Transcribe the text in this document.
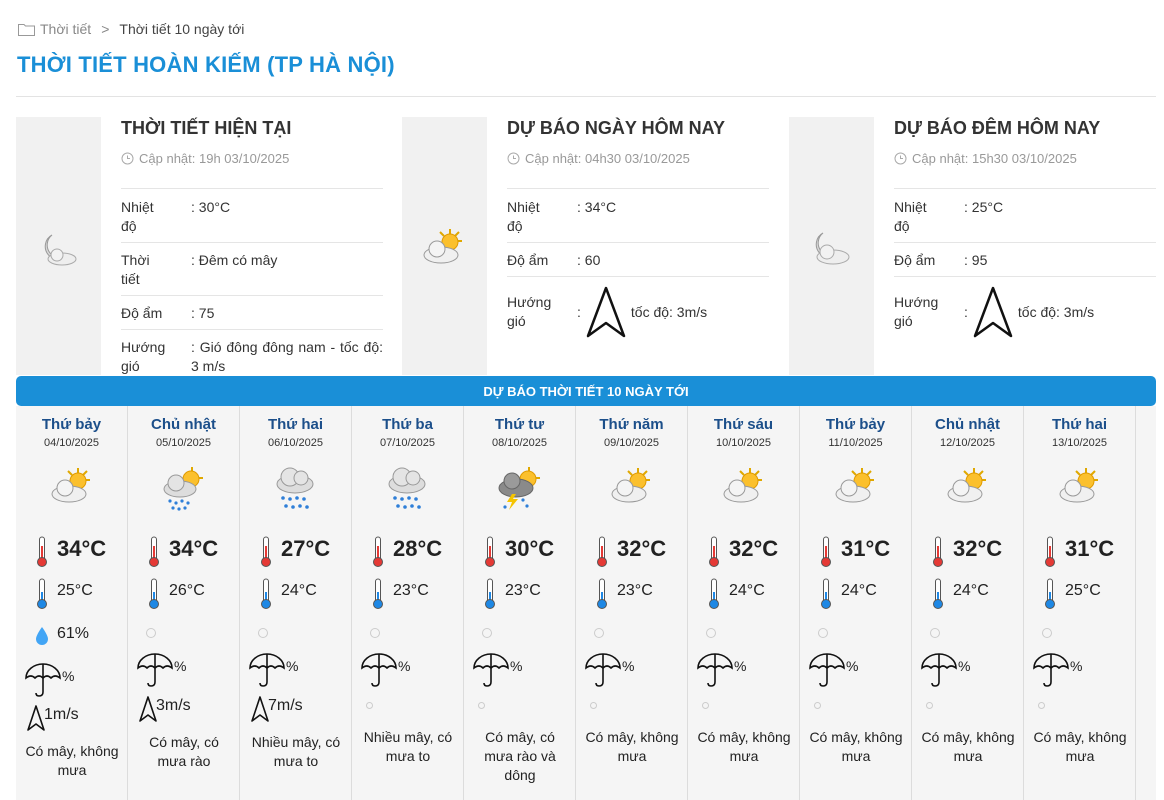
Thời tiết > Thời tiết 10 ngày tới
THỜI TIẾT HOÀN KIẾM (TP HÀ NỘI)
THỜI TIẾT HIỆN TẠI
Cập nhật: 19h 03/10/2025
Nhiệt độ
: 30°C
Thời tiết
: Đêm có mây
Độ ẩm	: 75
Hướng gió
: Gió đông đông nam - tốc độ: 3 m/s
DỰ BÁO NGÀY HÔM NAY
Cập nhật: 04h30 03/10/2025
Nhiệt độ
: 34°C
Độ ẩm	: 60
Hướng gió
:	tốc độ: 3m/s
DỰ BÁO ĐÊM HÔM NAY
Cập nhật: 15h30 03/10/2025
Nhiệt độ
: 25°C
Độ ẩm	: 95
Hướng gió
:	tốc độ: 3m/s
DỰ BÁO THỜI TIẾT 10 NGÀY TỚI
Thứ bảy
04/10/2025
34°C
25°C
61%
%
1m/s
Có mây, không mưa
Chủ nhật
05/10/2025
34°C
26°C
%
3m/s
Có mây, có mưa rào
Thứ hai
06/10/2025
27°C
24°C
%
7m/s
Nhiều mây, có mưa to
Thứ ba
07/10/2025
28°C
23°C
%
Nhiều mây, có mưa to
Thứ tư
08/10/2025
30°C
23°C
%
Có mây, có mưa rào và dông
Thứ năm
09/10/2025
32°C
23°C
%
Có mây, không mưa
Thứ sáu
10/10/2025
32°C
24°C
%
Có mây, không mưa
Thứ bảy
11/10/2025
31°C
24°C
%
Có mây, không mưa
Chủ nhật
12/10/2025
32°C
24°C
%
Có mây, không mưa
Thứ hai
13/10/2025
31°C
25°C
%
Có mây, không mưa
